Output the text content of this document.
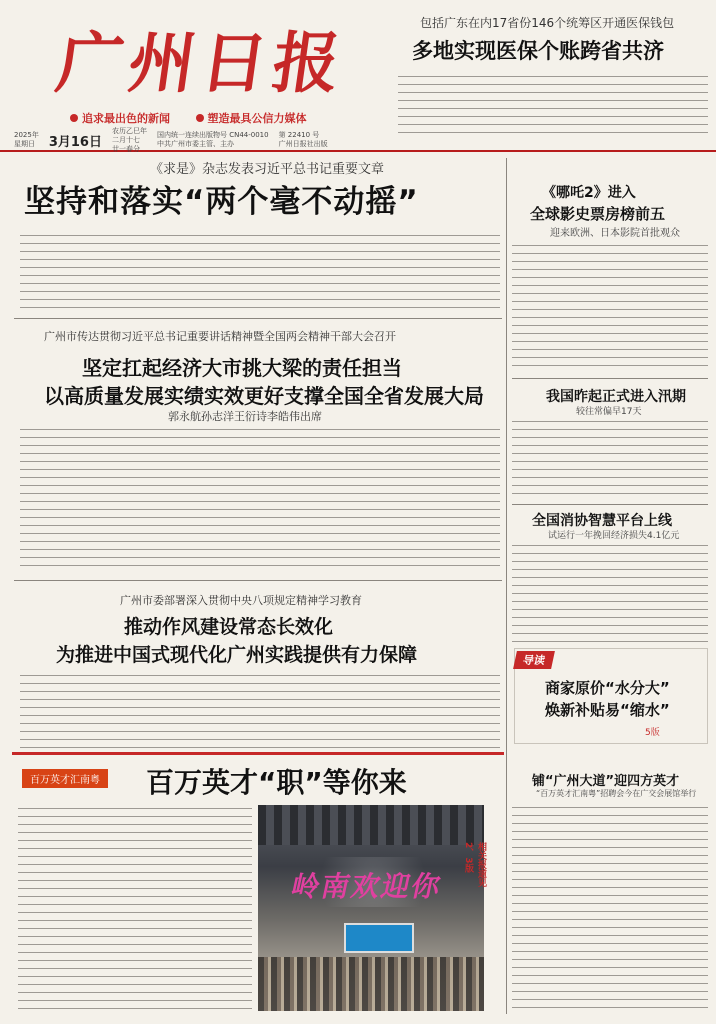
广州日报
追求最出色的新闻	塑造最具公信力媒体
2025年
星期日 3月16日
农历乙巳年
二月十七
廿一春分
国内统一连续出版物号 CN44-0010
中共广州市委主管、主办
第 22410 号
广州日报社出版
包括广东在内17省份146个统筹区开通医保钱包
多地实现医保个账跨省共济
《求是》杂志发表习近平总书记重要文章
坚持和落实“两个毫不动摇”
广州市传达贯彻习近平总书记重要讲话精神暨全国两会精神干部大会召开
坚定扛起经济大市挑大梁的责任担当
以高质量发展实绩实效更好支撑全国全省发展大局
郭永航孙志洋王衍诗李皓伟出席
广州市委部署深入贯彻中央八项规定精神学习教育
推动作风建设常态长效化
为推进中国式现代化广州实践提供有力保障
《哪吒2》进入
全球影史票房榜前五
迎来欧洲、日本影院首批观众
我国昨起正式进入汛期
较往常偏早17天
全国消协智慧平台上线
试运行一年挽回经济损失4.1亿元
导读
商家原价“水分大”
焕新补贴易“缩水”
5版
百万英才汇南粤 百万英才“职”等你来
岭南欢迎你	相关报道见2、3版
铺“广州大道”迎四方英才
“百万英才汇南粤”招聘会今在广交会展馆举行
